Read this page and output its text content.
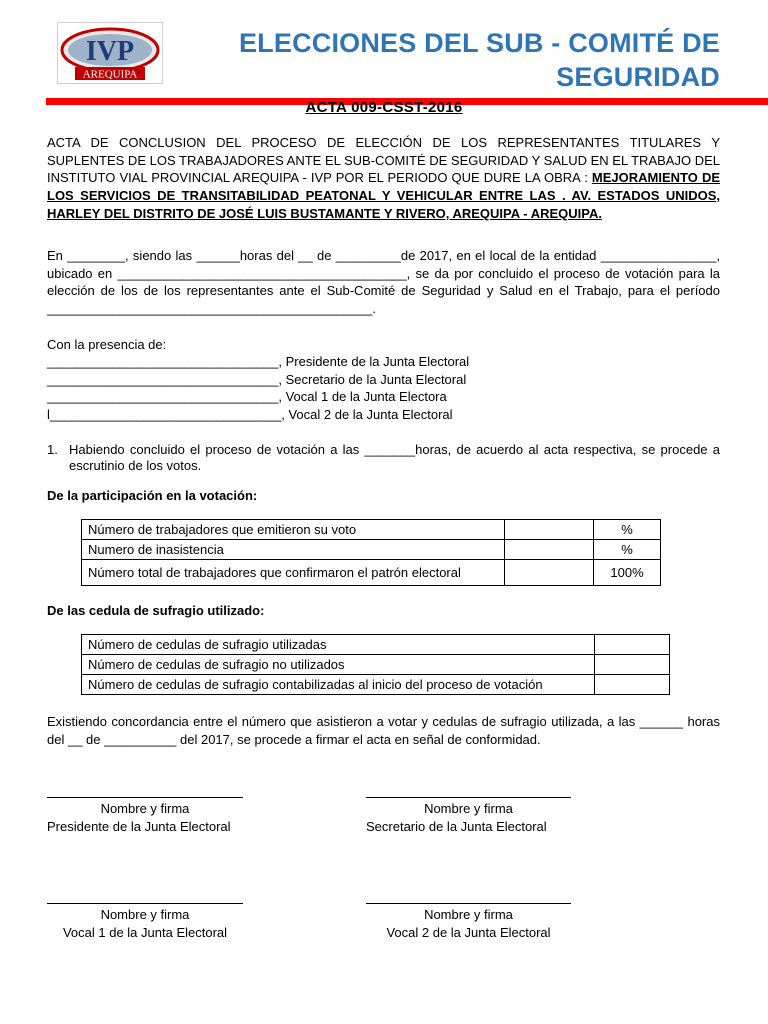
IVP
AREQUIPA
ELECCIONES DEL SUB - COMITÉ DE
SEGURIDAD
ACTA 009-CSST-2016
ACTA DE CONCLUSION DEL PROCESO DE ELECCIÓN DE LOS REPRESENTANTES TITULARES Y SUPLENTES DE LOS TRABAJADORES ANTE EL SUB-COMITÉ DE SEGURIDAD Y SALUD EN EL TRABAJO DEL INSTITUTO VIAL PROVINCIAL AREQUIPA - IVP POR EL PERIODO QUE DURE LA OBRA : MEJORAMIENTO DE LOS SERVICIOS DE TRANSITABILIDAD PEATONAL Y VEHICULAR ENTRE LAS . AV. ESTADOS UNIDOS, HARLEY DEL DISTRITO DE JOSÉ LUIS BUSTAMANTE Y RIVERO, AREQUIPA - AREQUIPA.
En ________, siendo las ______horas del __ de _________de 2017, en el local de la entidad ________________, ubicado en ________________________________________, se da por concluido el proceso de votación para la elección de los de los representantes ante el Sub-Comité de Seguridad y Salud en el Trabajo, para el período _____________________________________________.
Con la presencia de:
________________________________, Presidente de la Junta Electoral
________________________________, Secretario de la Junta Electoral
________________________________, Vocal 1 de la Junta Electora
l________________________________, Vocal 2 de la Junta Electoral
1. Habiendo concluido el proceso de votación a las _______horas, de acuerdo al acta respectiva, se procede a escrutinio de los votos.
De la participación en la votación:
Número de trabajadores que emitieron su voto		%
Numero de inasistencia		%
Número total de trabajadores que confirmaron el patrón electoral		100%
De las cedula de sufragio utilizado:
Número de cedulas de sufragio utilizadas	
Número de cedulas de sufragio no utilizados	
Número de cedulas de sufragio contabilizadas al inicio del proceso de votación	
Existiendo concordancia entre el número que asistieron a votar y cedulas de sufragio utilizada, a las ______ horas del __ de __________ del 2017, se procede a firmar el acta en señal de conformidad.
Nombre y firma
Presidente de la Junta Electoral
Nombre y firma
Secretario de la Junta Electoral
Nombre y firma
Vocal 1 de la Junta Electoral
Nombre y firma
Vocal 2 de la Junta Electoral
